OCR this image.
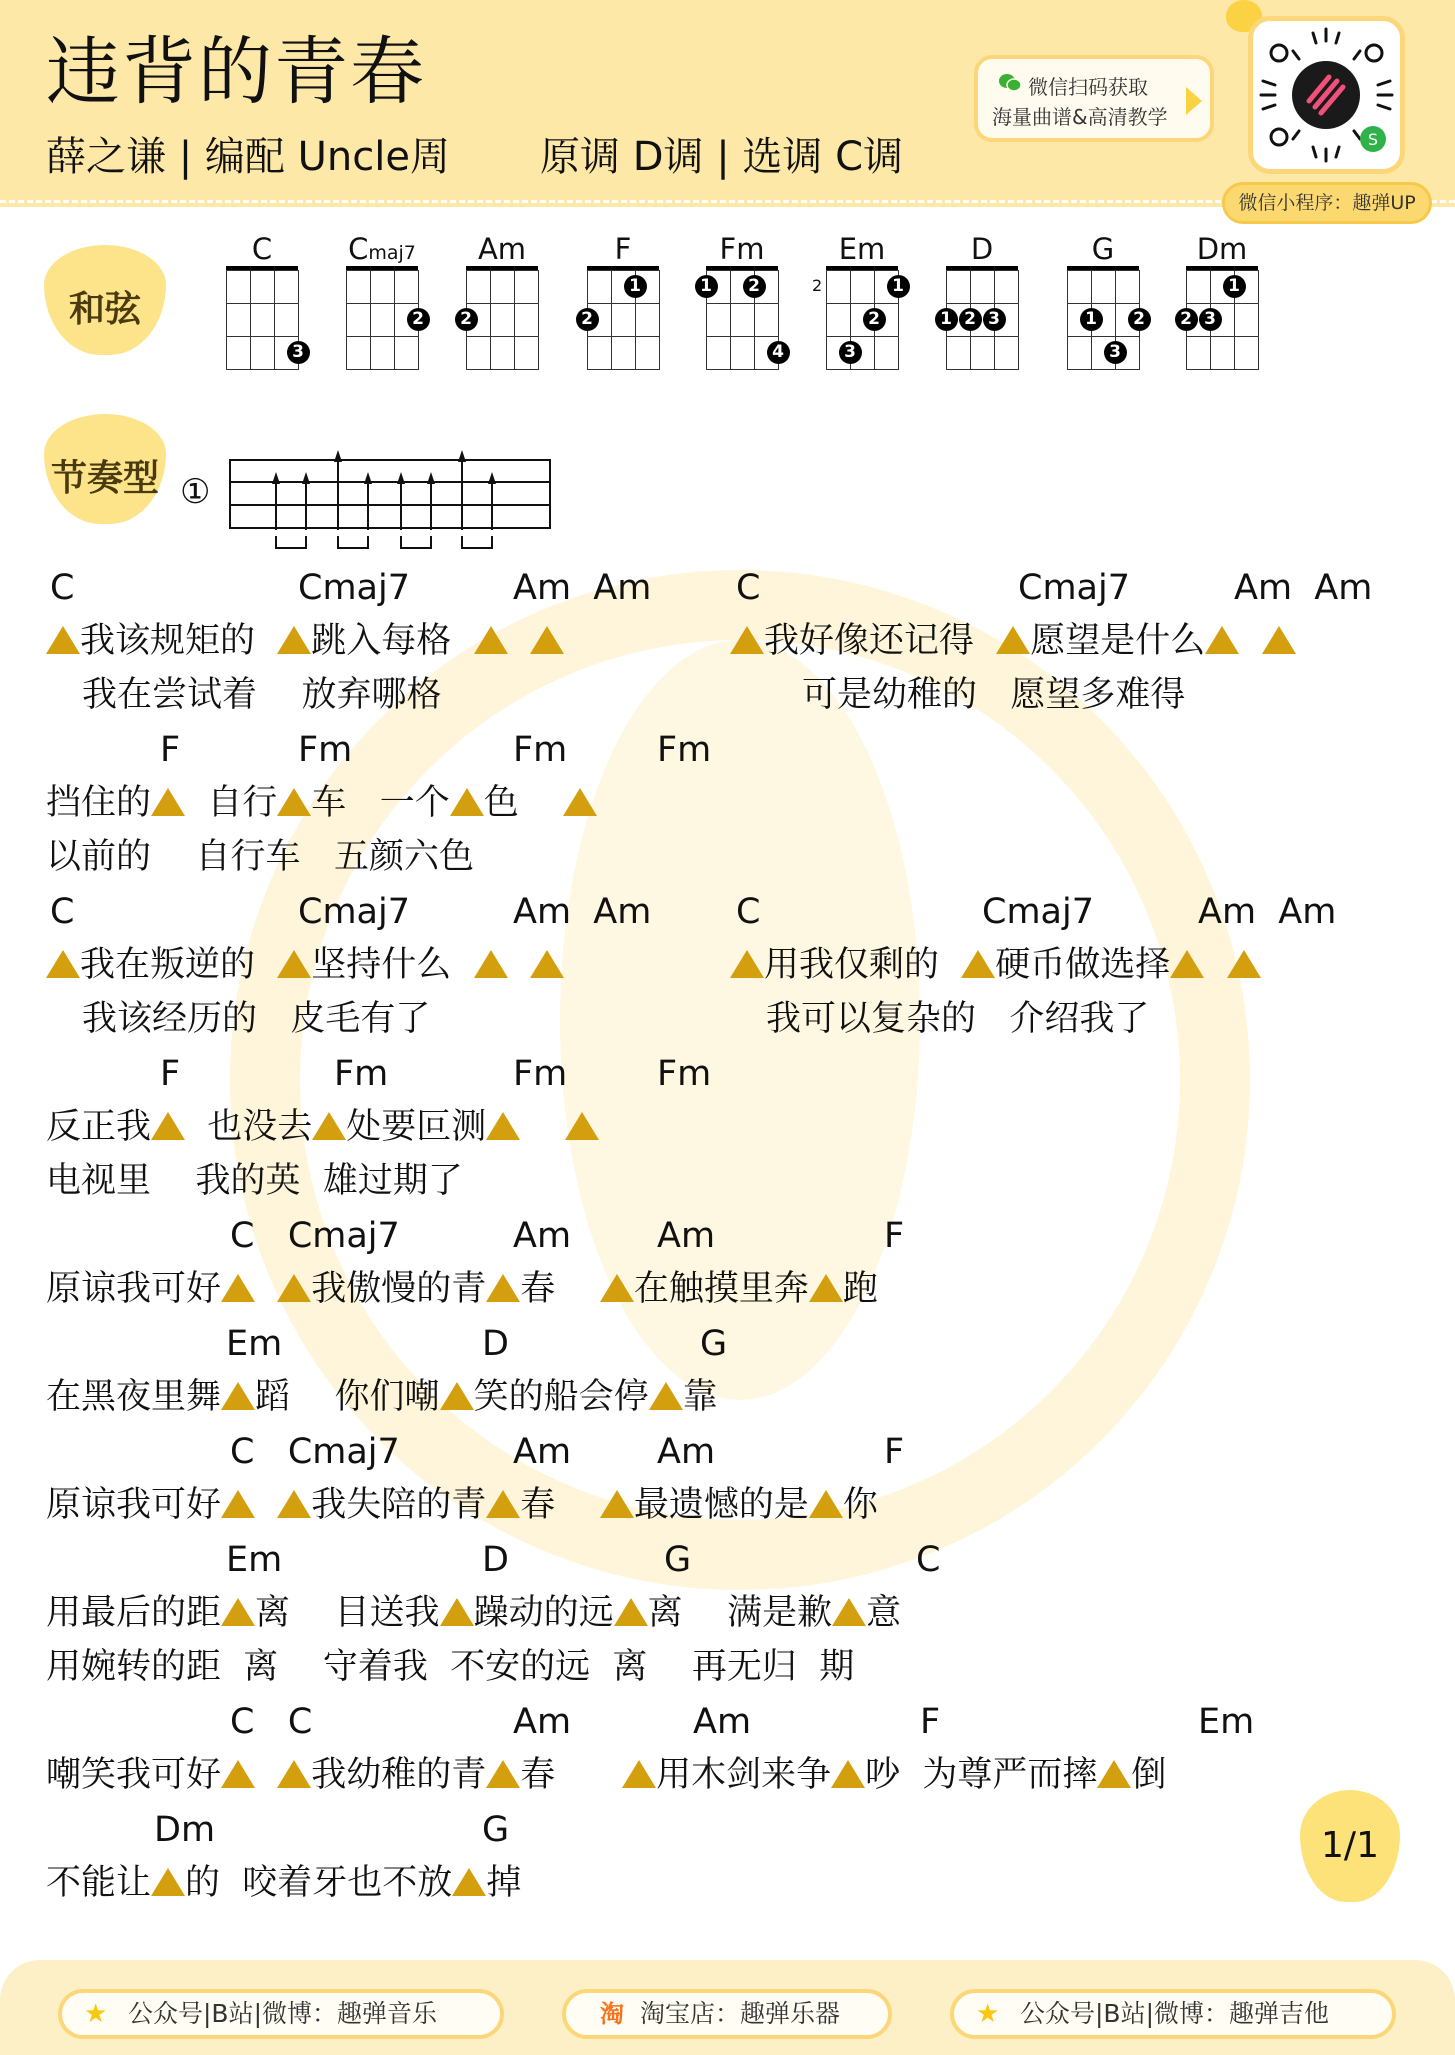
违背的青春
薛之谦 | 编配 Uncle周 原调 D调 | 选调 C调
微信扫码获取
海量曲谱&高清教学
S
微信小程序：趣弹UP
和弦
C
3
Cmaj7
2
Am
2
F
1
2
Fm
1	2
4
Em
1
2
3
2
D
1 2 3
G
1	2
3
Dm
1
2 3
节奏型 ①
C	Cmaj7	Am  Am C	Cmaj7	Am  Am
我该规矩的 跳入每格	我好像还记得 愿望是什么
我在尝试着 放弃哪格	可是幼稚的 愿望多难得
F	Fm	Fm	Fm
挡住的 自行 车 一个 色
以前的 自行车 五颜六色
C	Cmaj7	Am  Am C	Cmaj7	Am  Am
我在叛逆的 坚持什么	用我仅剩的 硬币做选择
我该经历的 皮毛有了	我可以复杂的 介绍我了
F	Fm	Fm	Fm
反正我 也没去 处要叵测
电视里 我的英 雄过期了
C   Cmaj7	Am Am	F
原谅我可好	我傲慢的青 春 在触摸里奔 跑
Em	D	G
在黑夜里舞 蹈 你们嘲 笑的船会停 靠
C   Cmaj7	Am Am	F
原谅我可好	我失陪的青 春 最遗憾的是 你
Em	D	G	C
用最后的距 离 目送我 躁动的远 离 满是歉 意
用婉转的距 离 守着我 不安的远 离 再无归 期
C   C	Am	Am	F	Em
嘲笑我可好	我幼稚的青 春	用木剑来争 吵 为尊严而摔 倒
Dm	G
不能让 的 咬着牙也不放 掉
1/1
★ 公众号|B站|微博：趣弹音乐	淘 淘宝店：趣弹乐器	★ 公众号|B站|微博：趣弹吉他
